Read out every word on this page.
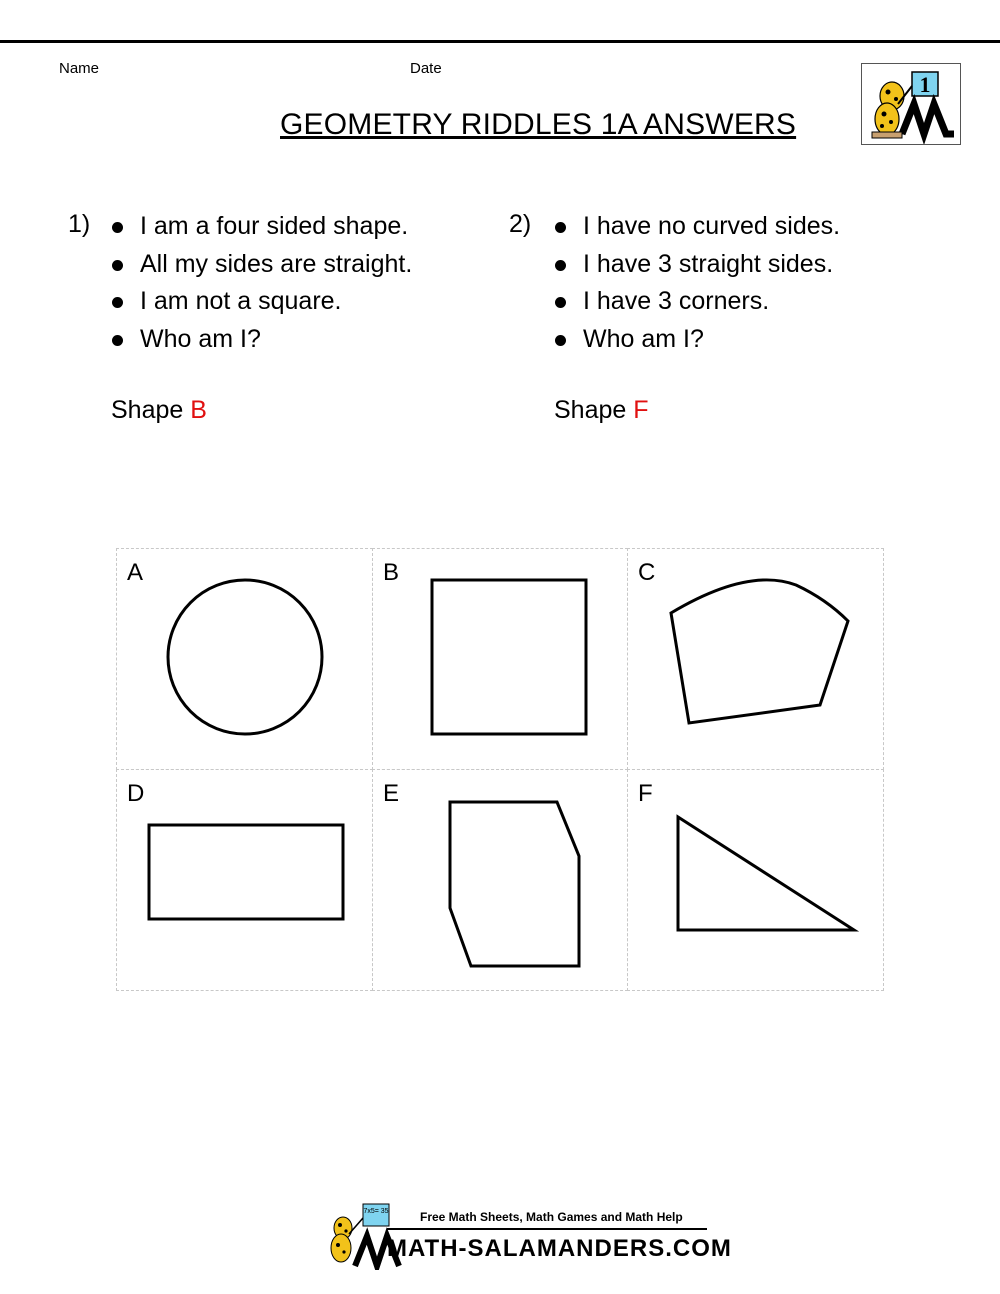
Name	Date
GEOMETRY RIDDLES 1A ANSWERS
1
1)	I am a four sided shape.
All my sides are straight.
I am not a square.
Who am I?
Shape B
2)	I have no curved sides.
I have 3 straight sides.
I have 3 corners.
Who am I?
Shape F
A	B	C
D	E	F
7x5= 35	Free Math Sheets, Math Games and Math Help
MATH-SALAMANDERS.COM
